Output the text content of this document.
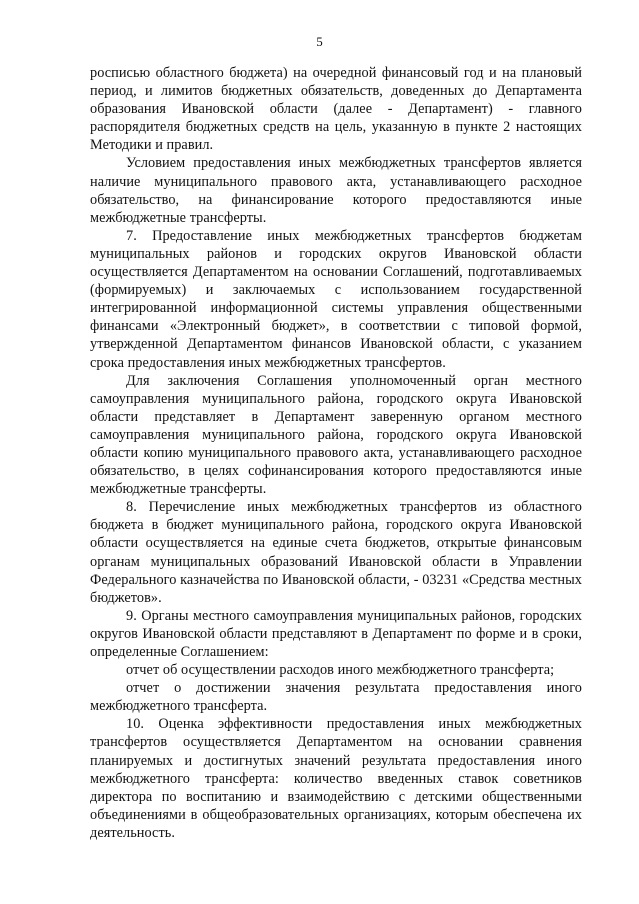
5

росписью областного бюджета) на очередной финансовый год и на плановый период, и лимитов бюджетных обязательств, доведенных до Департамента образования Ивановской области (далее - Департамент) - главного распорядителя бюджетных средств на цель, указанную в пункте 2 настоящих Методики и правил.

Условием предоставления иных межбюджетных трансфертов является наличие муниципального правового акта, устанавливающего расходное обязательство, на финансирование которого предоставляются иные межбюджетные трансферты.

7. Предоставление иных межбюджетных трансфертов бюджетам муниципальных районов и городских округов Ивановской области осуществляется Департаментом на основании Соглашений, подготавливаемых (формируемых) и заключаемых с использованием государственной интегрированной информационной системы управления общественными финансами «Электронный бюджет», в соответствии с типовой формой, утвержденной Департаментом финансов Ивановской области, с указанием срока предоставления иных межбюджетных трансфертов.

Для заключения Соглашения уполномоченный орган местного самоуправления муниципального района, городского округа Ивановской области представляет в Департамент заверенную органом местного самоуправления муниципального района, городского округа Ивановской области копию муниципального правового акта, устанавливающего расходное обязательство, в целях софинансирования которого предоставляются иные межбюджетные трансферты.

8. Перечисление иных межбюджетных трансфертов из областного бюджета в бюджет муниципального района, городского округа Ивановской области осуществляется на единые счета бюджетов, открытые финансовым органам муниципальных образований Ивановской области в Управлении Федерального казначейства по Ивановской области, - 03231 «Средства местных бюджетов».

9. Органы местного самоуправления муниципальных районов, городских округов Ивановской области представляют в Департамент по форме и в сроки, определенные Соглашением:

отчет об осуществлении расходов иного межбюджетного трансферта;

отчет о достижении значения результата предоставления иного межбюджетного трансферта.

10. Оценка эффективности предоставления иных межбюджетных трансфертов осуществляется Департаментом на основании сравнения планируемых и достигнутых значений результата предоставления иного межбюджетного трансферта: количество введенных ставок советников директора по воспитанию и взаимодействию с детскими общественными объединениями в общеобразовательных организациях, которым обеспечена их деятельность.
